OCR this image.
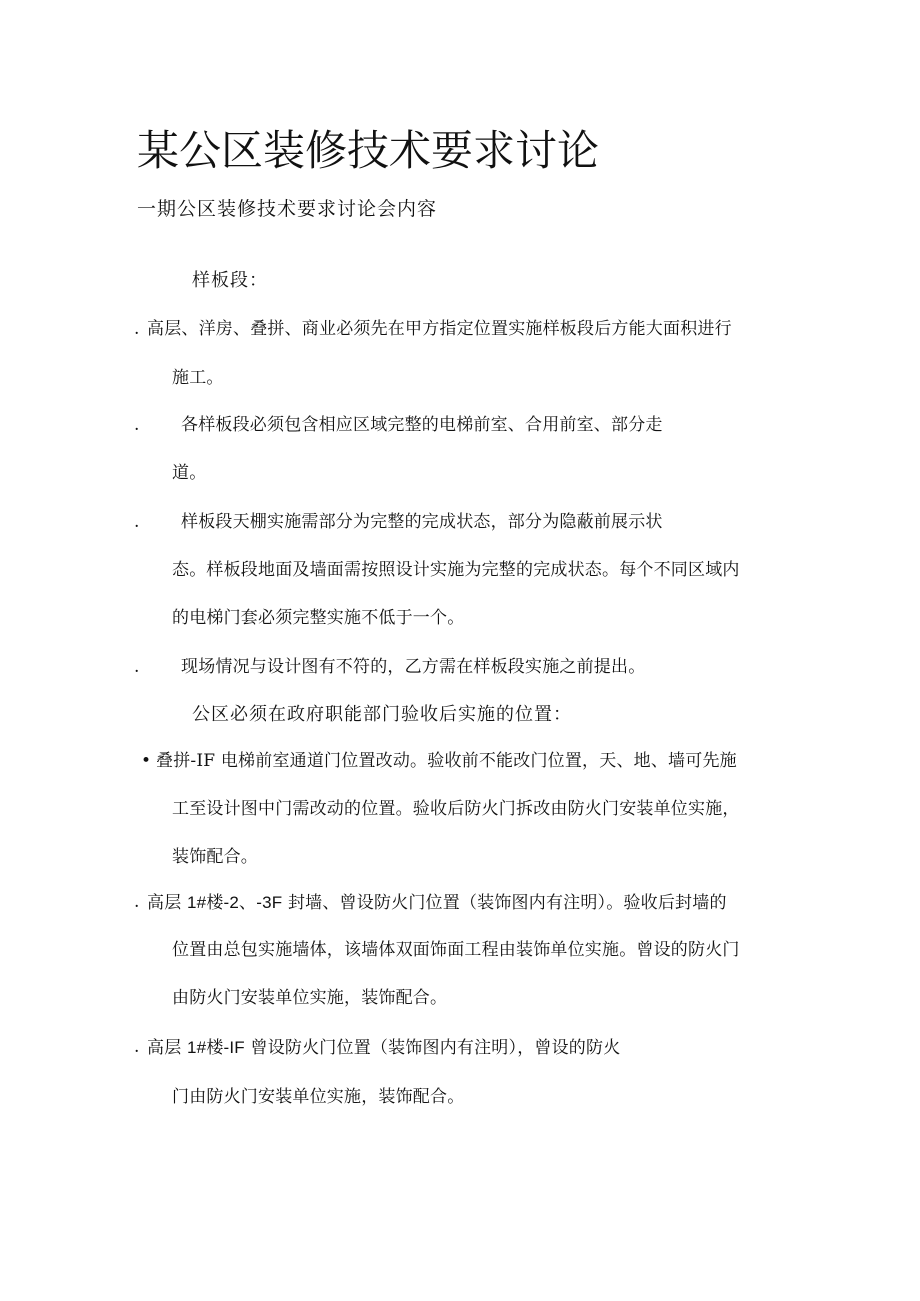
某公区装修技术要求讨论
一期公区装修技术要求讨论会内容
样板段：
. 高层、洋房、叠拼、商业必须先在甲方指定位置实施样板段后方能大面积进行
施工。
. 各样板段必须包含相应区域完整的电梯前室、合用前室、部分走
道。
. 样板段天棚实施需部分为完整的完成状态，部分为隐蔽前展示状
态。样板段地面及墙面需按照设计实施为完整的完成状态。每个不同区域内
的电梯门套必须完整实施不低于一个。
. 现场情况与设计图有不符的，乙方需在样板段实施之前提出。
公区必须在政府职能部门验收后实施的位置：
• 叠拼-IF 电梯前室通道门位置改动。验收前不能改门位置，天、地、墙可先施
工至设计图中门需改动的位置。验收后防火门拆改由防火门安装单位实施，
装饰配合。
. 高层 1#楼-2、-3F 封墙、曾设防火门位置（装饰图内有注明）。验收后封墙的
位置由总包实施墙体，该墙体双面饰面工程由装饰单位实施。曾设的防火门
由防火门安装单位实施，装饰配合。
. 高层 1#楼-IF 曾设防火门位置（装饰图内有注明），曾设的防火
门由防火门安装单位实施，装饰配合。
